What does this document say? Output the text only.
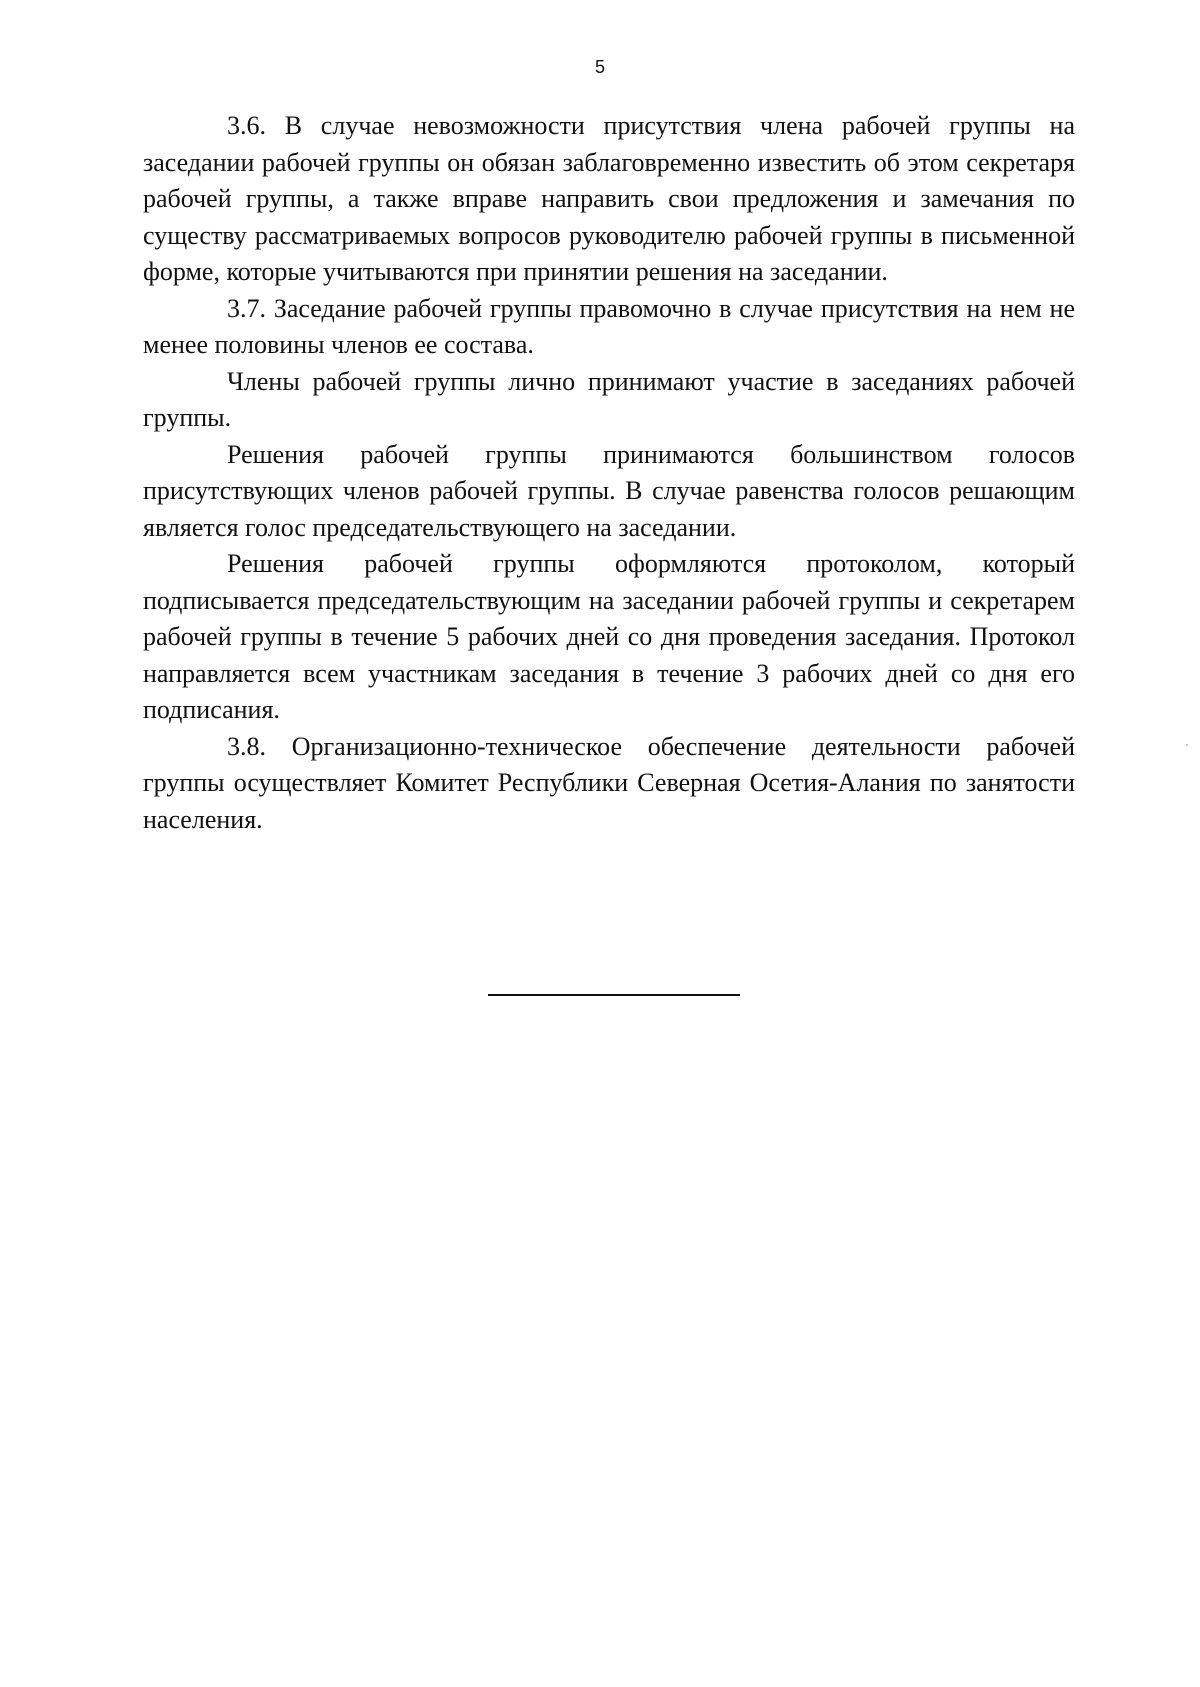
5

3.6. В случае невозможности присутствия члена рабочей группы на заседании рабочей группы он обязан заблаговременно известить об этом секретаря рабочей группы, а также вправе направить свои предложения и замечания по существу рассматриваемых вопросов руководителю рабочей группы в письменной форме, которые учитываются при принятии решения на заседании.

3.7. Заседание рабочей группы правомочно в случае присутствия на нем не менее половины членов ее состава.

Члены рабочей группы лично принимают участие в заседаниях рабочей группы.

Решения рабочей группы принимаются большинством голосов присутствующих членов рабочей группы. В случае равенства голосов решающим является голос председательствующего на заседании.

Решения рабочей группы оформляются протоколом, который подписывается председательствующим на заседании рабочей группы и секретарем рабочей группы в течение 5 рабочих дней со дня проведения заседания. Протокол направляется всем участникам заседания в течение 3 рабочих дней со дня его подписания.

3.8. Организационно-техническое обеспечение деятельности рабочей группы осуществляет Комитет Республики Северная Осетия-Алания по занятости населения.
